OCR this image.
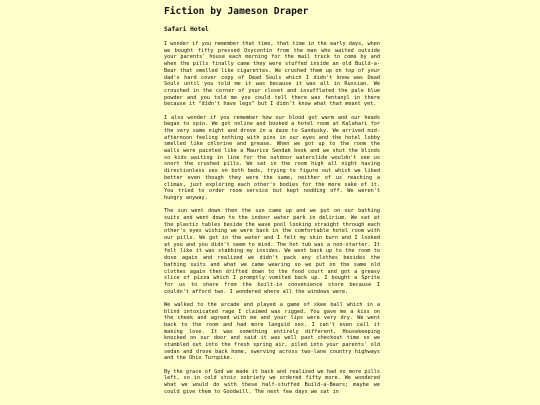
Fiction by Jameson Draper
Safari Hotel

I wonder if you remember that time, that time in the early days, when we bought fifty pressed Oxycontin from the man who waited outside your parents' house each morning for the mail truck to come by and when the pills finally came they were stuffed inside an old Build-a-Bear that smelled like cigarettes. We crushed them up on top of your dad's hard cover copy of Dead Souls which I didn't know was Dead Souls until you told me it was because it was all in Russian. We crouched in the corner of your closet and insufflated the pale blue powder and you told me you could tell there was fentanyl in there because it "didn't have legs" but I didn't know what that meant yet.

I also wonder if you remember how our blood got warm and our heads began to spin. We got online and booked a hotel room at Kalahari for the very same night and drove in a daze to Sandusky. We arrived mid-afternoon feeling nothing with pins in our eyes and the hotel lobby smelled like chlorine and grease. When we got up to the room the walls were painted like a Maurice Sendak book and we shut the blinds so kids waiting in line for the outdoor waterslide wouldn't see us snort the crushed pills. We sat in the room high all night having directionless sex on both beds, trying to figure out which we liked better even though they were the same, neither of us reaching a climax, just exploring each other's bodies for the mere sake of it. You tried to order room service but kept nodding off. We weren't hungry anyway.

The sun went down then the sun came up and we put on our bathing suits and went down to the indoor water park in delirium. We sat at the plastic tables beside the wave pool looking straight through each other's eyes wishing we were back in the comfortable hotel room with our pills. We got in the water and I felt my skin burn and I looked at you and you didn't seem to mind. The hot tub was a non-starter. It felt like it was stabbing my insides. We went back up to the room to dose again and realized we didn't pack any clothes besides the bathing suits and what we came wearing so we put on the same old clothes again then drifted down to the food court and got a greasy slice of pizza which I promptly vomited back up. I bought a Sprite for us to share from the built-in convenience store because I couldn't afford two. I wondered where all the windows were.

We walked to the arcade and played a game of skee ball which in a blind intoxicated rage I claimed was rigged. You gave me a kiss on the cheek and agreed with me and your lips were very dry. We went back to the room and had more languid sex. I can't even call it making love. It was something entirely different. Housekeeping knocked on our door and said it was well past checkout time so we stumbled out into the fresh spring air, piled into your parents' old sedan and drove back home, swerving across two-lane country highways and the Ohio Turnpike.

By the grace of God we made it back and realized we had no more pills left, so in cold stoic sobriety we ordered fifty more. We wondered what we would do with these half-stuffed Build-a-Bears; maybe we could give them to Goodwill. The next few days we sat in
